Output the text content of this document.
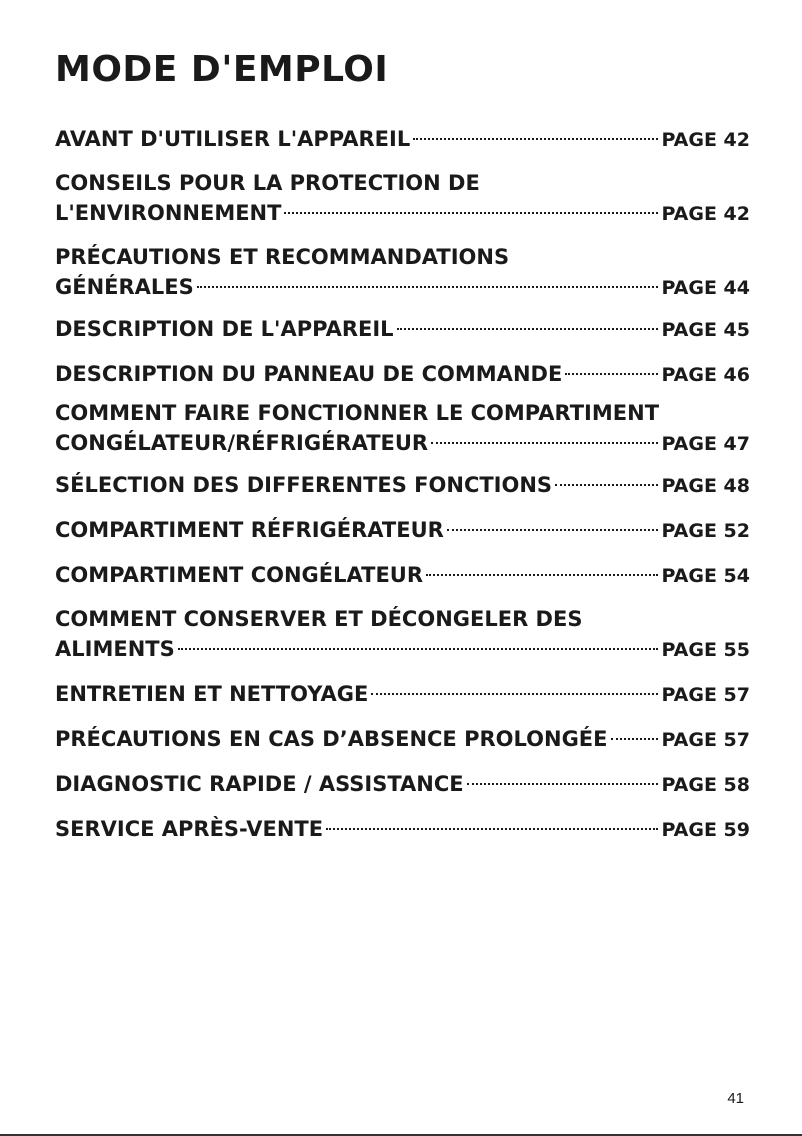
MODE D'EMPLOI
AVANT D'UTILISER L'APPAREIL	PAGE 42
CONSEILS POUR LA PROTECTION DE
L'ENVIRONNEMENT	PAGE 42
PRÉCAUTIONS ET RECOMMANDATIONS
GÉNÉRALES	PAGE 44
DESCRIPTION DE L'APPAREIL	PAGE 45
DESCRIPTION DU PANNEAU DE COMMANDE	PAGE 46
COMMENT FAIRE FONCTIONNER LE COMPARTIMENT
CONGÉLATEUR/RÉFRIGÉRATEUR	PAGE 47
SÉLECTION DES DIFFERENTES FONCTIONS	PAGE 48
COMPARTIMENT RÉFRIGÉRATEUR	PAGE 52
COMPARTIMENT CONGÉLATEUR	PAGE 54
COMMENT CONSERVER ET DÉCONGELER DES
ALIMENTS	PAGE 55
ENTRETIEN ET NETTOYAGE	PAGE 57
PRÉCAUTIONS EN CAS D’ABSENCE PROLONGÉE	PAGE 57
DIAGNOSTIC RAPIDE / ASSISTANCE	PAGE 58
SERVICE APRÈS-VENTE	PAGE 59
41
